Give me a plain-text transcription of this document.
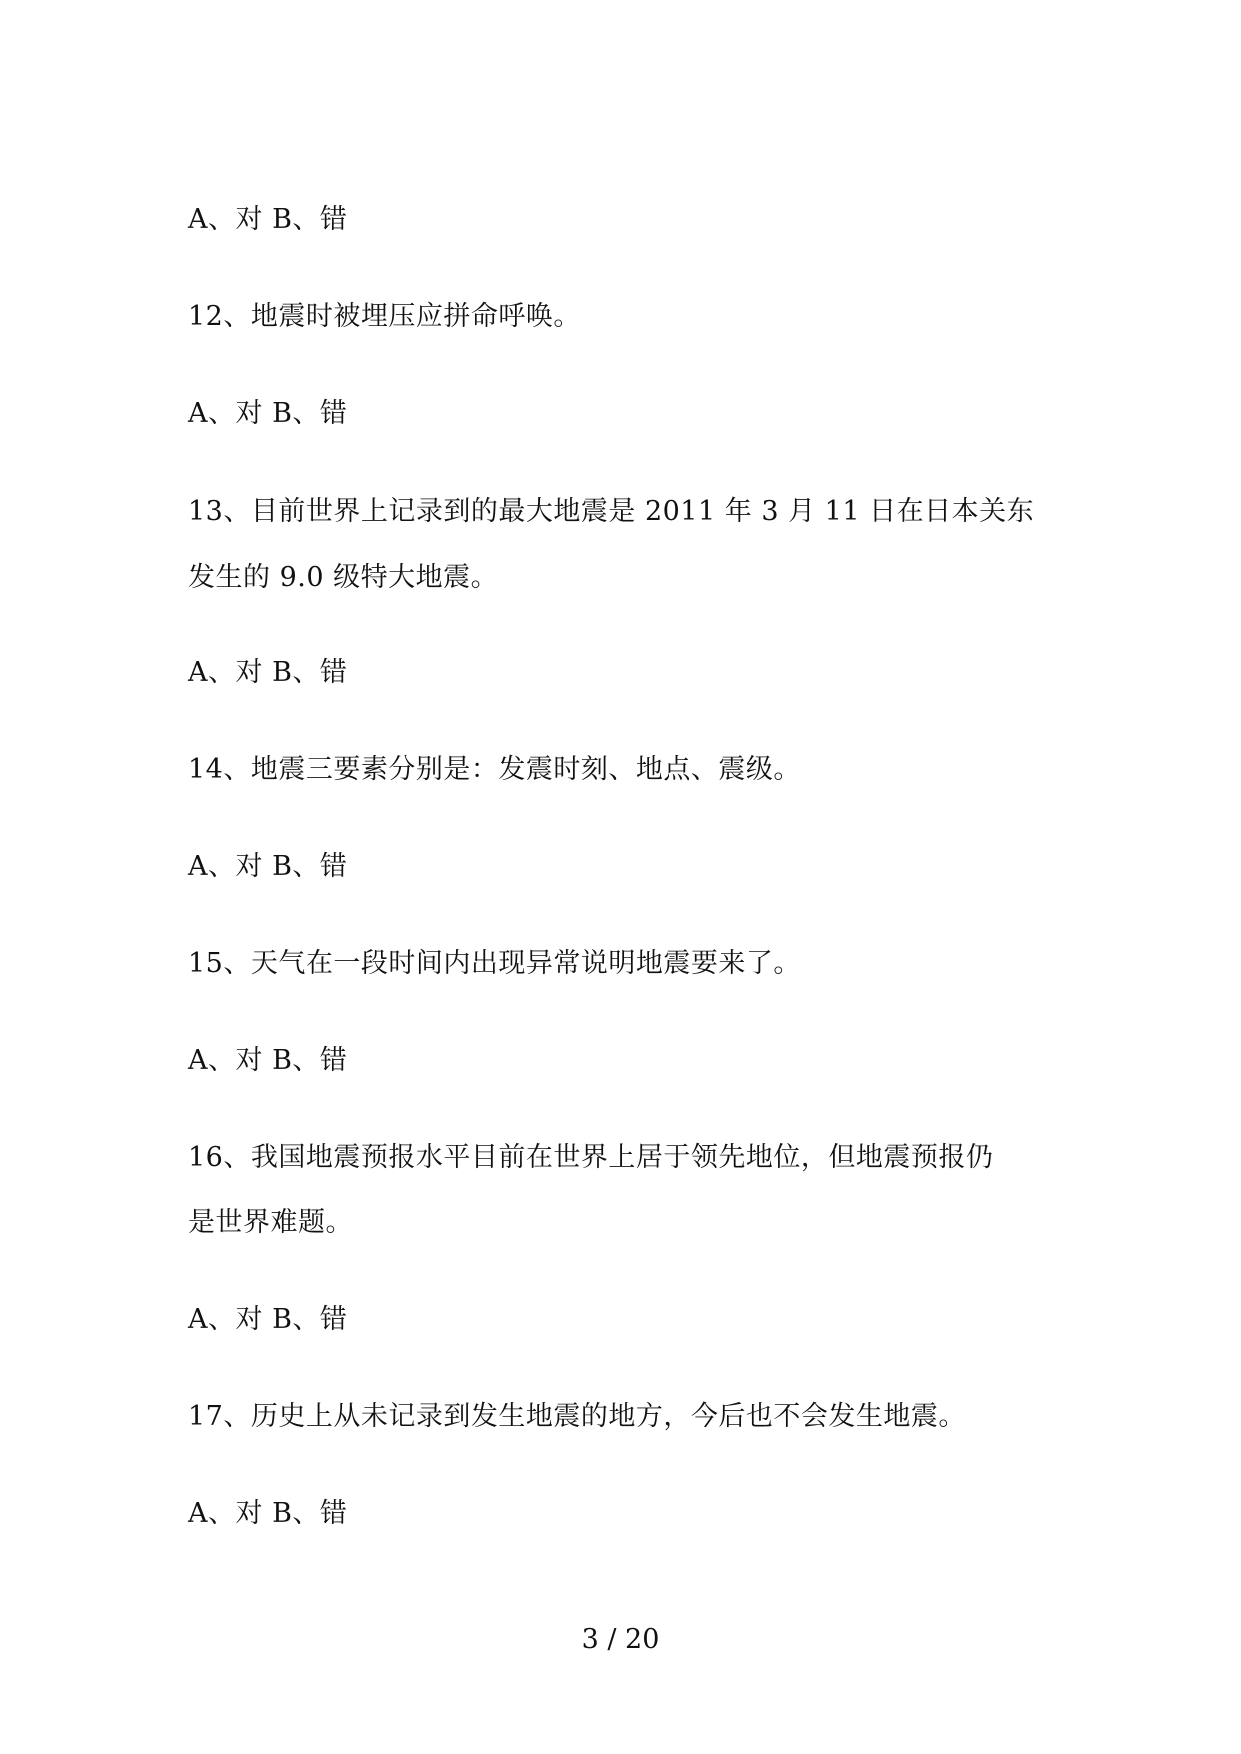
A、对 B、错
12、地震时被埋压应拼命呼唤。
A、对 B、错
13、目前世界上记录到的最大地震是 2011 年 3 月 11 日在日本关东
发生的 9.0 级特大地震。
A、对 B、错
14、地震三要素分别是：发震时刻、地点、震级。
A、对 B、错
15、天气在一段时间内出现异常说明地震要来了。
A、对 B、错
16、我国地震预报水平目前在世界上居于领先地位，但地震预报仍
是世界难题。
A、对 B、错
17、历史上从未记录到发生地震的地方，今后也不会发生地震。
A、对 B、错
3 / 20
